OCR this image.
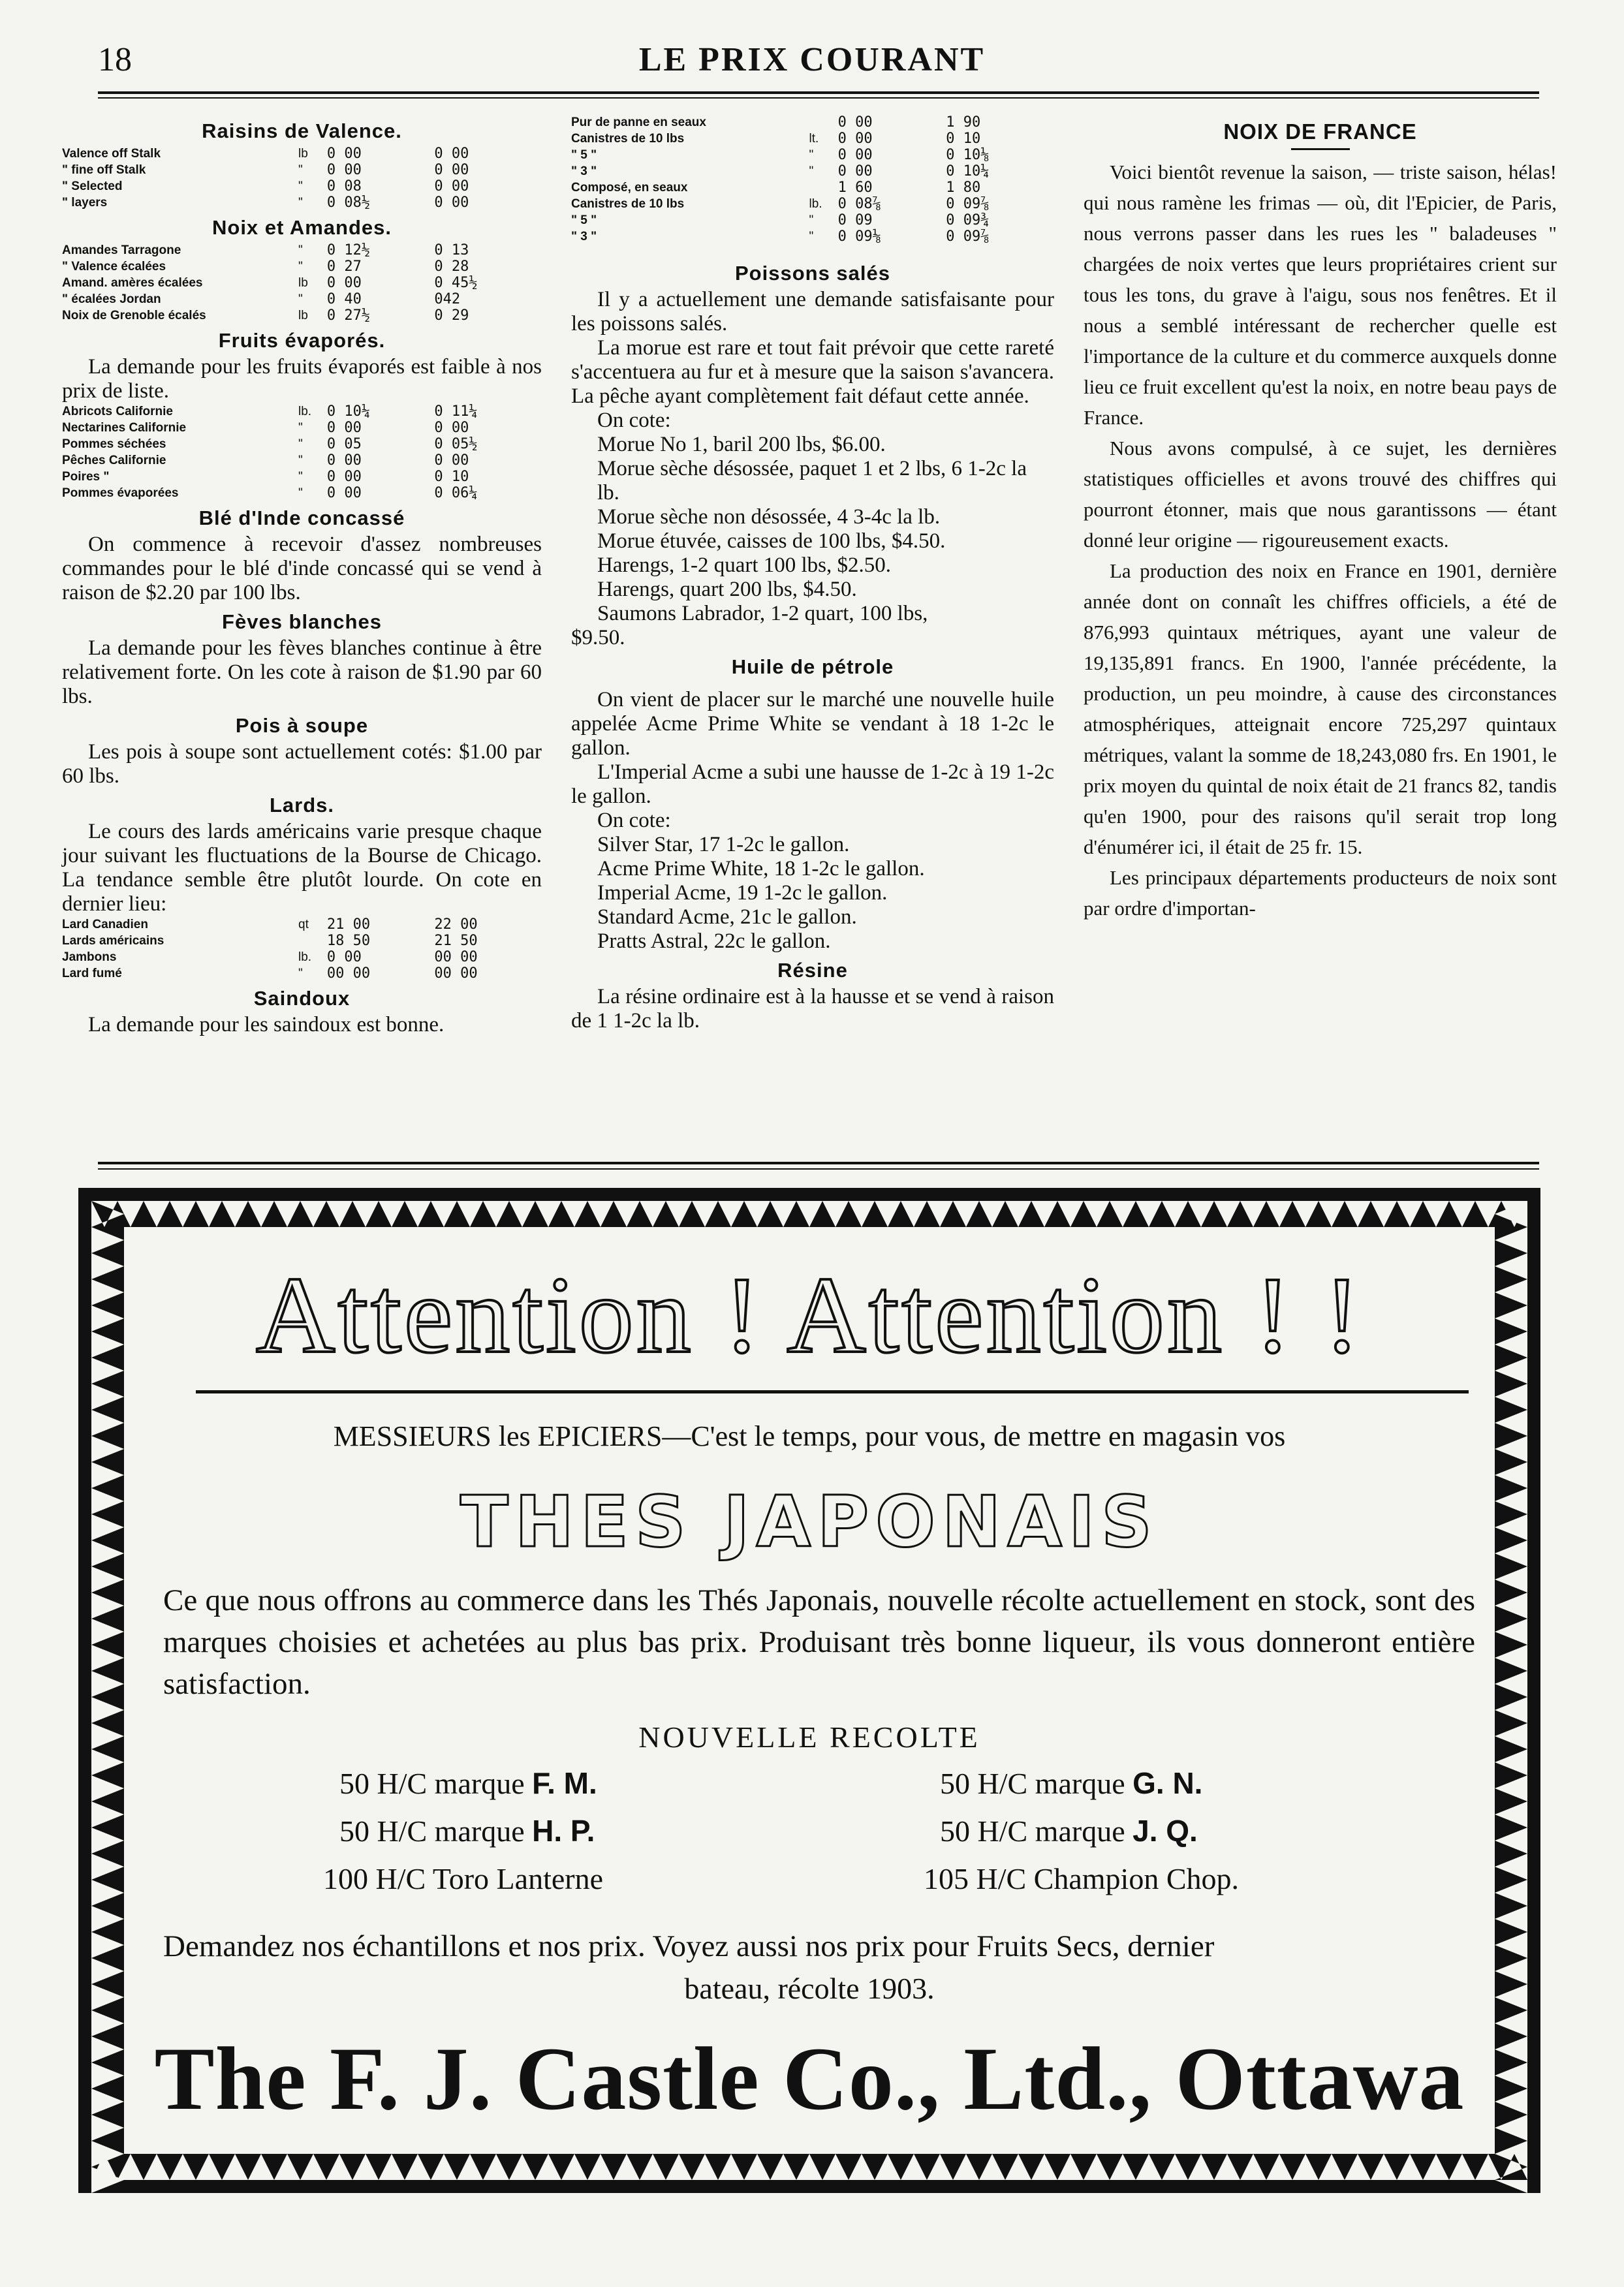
18	LE PRIX COURANT
Raisins de Valence.
Valence off Stalk	lb	0 00	0 00
" fine off Stalk	"	0 00	0 00
" Selected	"	0 08	0 00
" layers	"	0 08½	0 00
Noix et Amandes.
Amandes Tarragone	"	0 12½	0 13
" Valence écalées	"	0 27	0 28
Amand. amères écalées	lb	0 00	0 45½
" écalées Jordan	"	0 40	042
Noix de Grenoble écalés	lb	0 27½	0 29
Fruits évaporés.

La demande pour les fruits évaporés est faible à nos prix de liste.

Abricots Californie	lb.	0 10¼	0 11¼
Nectarines Californie	"	0 00	0 00
Pommes séchées	"	0 05	0 05½
Pêches Californie	"	0 00	0 00
Poires "	"	0 00	0 10
Pommes évaporées	"	0 00	0 06¼
Blé d'Inde concassé

On commence à recevoir d'assez nombreuses commandes pour le blé d'inde concassé qui se vend à raison de $2.20 par 100 lbs.

Fèves blanches

La demande pour les fèves blanches continue à être relativement forte. On les cote à raison de $1.90 par 60 lbs.

Pois à soupe

Les pois à soupe sont actuellement cotés: $1.00 par 60 lbs.

Lards.

Le cours des lards américains varie presque chaque jour suivant les fluctuations de la Bourse de Chicago. La tendance semble être plutôt lourde. On cote en dernier lieu:

Lard Canadien	qt	21 00	22 00
Lards américains		18 50	21 50
Jambons	lb.	0 00	00 00
Lard fumé	"	00 00	00 00
Saindoux

La demande pour les saindoux est bonne.

Pur de panne en seaux		0 00	1 90
Canistres de 10 lbs	lt.	0 00	0 10
" 5 "	"	0 00	0 10⅛
" 3 "	"	0 00	0 10¼
Composé, en seaux		1 60	1 80
Canistres de 10 lbs	lb.	0 08⅞	0 09⅞
" 5 "	"	0 09	0 09¾
" 3 "	"	0 09⅛	0 09⅞
Poissons salés

Il y a actuellement une demande satisfaisante pour les poissons salés.

La morue est rare et tout fait prévoir que cette rareté s'accentuera au fur et à mesure que la saison s'avancera. La pêche ayant complètement fait défaut cette année.

On cote:

Morue No 1, baril 200 lbs, $6.00.

Morue sèche désossée, paquet 1 et 2 lbs, 6 1-2c la lb.

Morue sèche non désossée, 4 3-4c la lb.

Morue étuvée, caisses de 100 lbs, $4.50.

Harengs, 1-2 quart 100 lbs, $2.50.

Harengs, quart 200 lbs, $4.50.

Saumons Labrador, 1-2 quart, 100 lbs,

$9.50.

Huile de pétrole

On vient de placer sur le marché une nouvelle huile appelée Acme Prime White se vendant à 18 1-2c le gallon.

L'Imperial Acme a subi une hausse de 1-2c à 19 1-2c le gallon.

On cote:

Silver Star, 17 1-2c le gallon.

Acme Prime White, 18 1-2c le gallon.

Imperial Acme, 19 1-2c le gallon.

Standard Acme, 21c le gallon.

Pratts Astral, 22c le gallon.

Résine

La résine ordinaire est à la hausse et se vend à raison de 1 1-2c la lb.

NOIX DE FRANCE

Voici bientôt revenue la saison, — triste saison, hélas! qui nous ramène les frimas — où, dit l'Epicier, de Paris, nous verrons passer dans les rues les " baladeuses " chargées de noix vertes que leurs propriétaires crient sur tous les tons, du grave à l'aigu, sous nos fenêtres. Et il nous a semblé intéressant de rechercher quelle est l'importance de la culture et du commerce auxquels donne lieu ce fruit excellent qu'est la noix, en notre beau pays de France.

Nous avons compulsé, à ce sujet, les dernières statistiques officielles et avons trouvé des chiffres qui pourront étonner, mais que nous garantissons — étant donné leur origine — rigoureusement exacts.

La production des noix en France en 1901, dernière année dont on connaît les chiffres officiels, a été de 876,993 quintaux métriques, ayant une valeur de 19,135,891 francs. En 1900, l'année précédente, la production, un peu moindre, à cause des circonstances atmosphériques, atteignait encore 725,297 quintaux métriques, valant la somme de 18,243,080 frs. En 1901, le prix moyen du quintal de noix était de 21 francs 82, tandis qu'en 1900, pour des raisons qu'il serait trop long d'énumérer ici, il était de 25 fr. 15.

Les principaux départements producteurs de noix sont par ordre d'importan-

Attention ! Attention ! !
MESSIEURS les EPICIERS—C'est le temps, pour vous, de mettre en magasin vos
THES JAPONAIS
Ce que nous offrons au commerce dans les Thés Japonais, nouvelle récolte actuellement en stock, sont des marques choisies et achetées au plus bas prix. Produisant très bonne liqueur, ils vous donneront entière satisfaction.
NOUVELLE RECOLTE
50 H/C marque F. M.
50 H/C marque H. P.
100 H/C Toro Lanterne
50 H/C marque G. N.
50 H/C marque J. Q.
105 H/C Champion Chop.
Demandez nos échantillons et nos prix. Voyez aussi nos prix pour Fruits Secs, dernier
bateau, récolte 1903.
The F. J. Castle Co., Ltd., Ottawa
